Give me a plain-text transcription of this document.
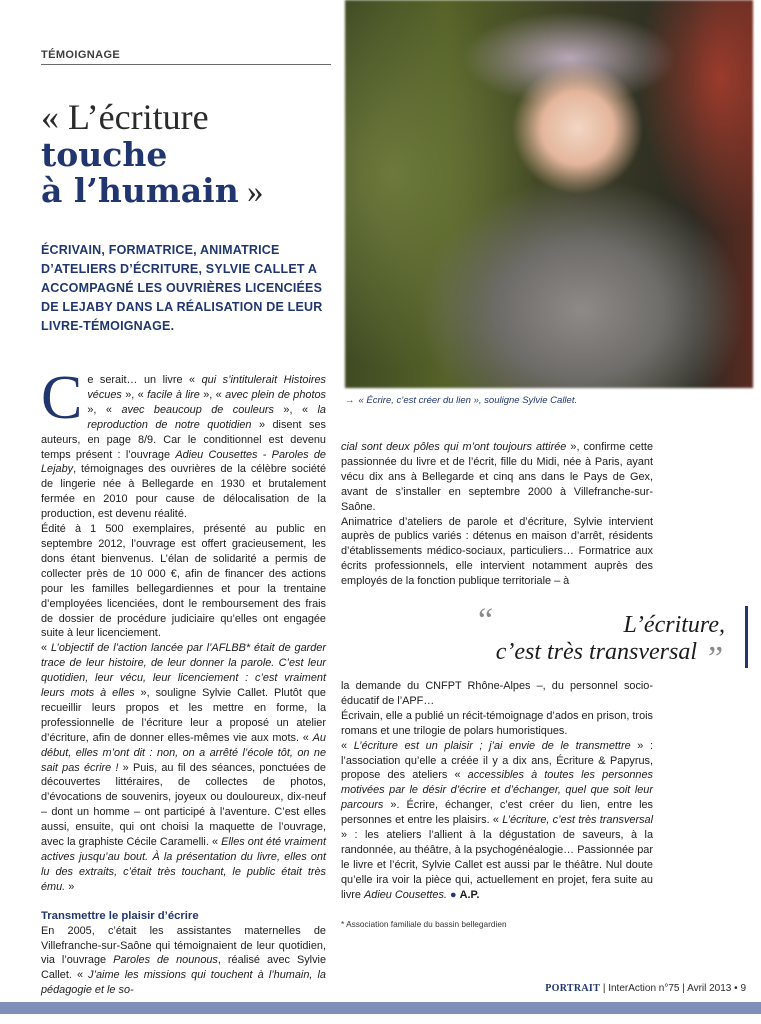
TÉMOIGNAGE
« L’écriture
touche
à l’humain »
ÉCRIVAIN, FORMATRICE, ANIMATRICE D’ATELIERS D’ÉCRITURE, SYLVIE CALLET A ACCOMPAGNÉ LES OUVRIÈRES LICENCIÉES DE LEJABY DANS LA RÉALISATION DE LEUR LIVRE-TÉMOIGNAGE.
→ « Écrire, c’est créer du lien », souligne Sylvie Callet.

Ce serait… un livre « qui s’intitulerait Histoires vécues », « facile à lire », « avec plein de photos », « avec beaucoup de couleurs », « la reproduction de notre quotidien » disent ses auteurs, en page 8/9. Car le conditionnel est devenu temps présent : l’ouvrage Adieu Cousettes - Paroles de Lejaby, témoignages des ouvrières de la célèbre société de lingerie née à Bellegarde en 1930 et brutalement fermée en 2010 pour cause de délocalisation de la production, est devenu réalité.

Édité à 1 500 exemplaires, présenté au public en septembre 2012, l’ouvrage est offert gracieusement, les dons étant bienvenus. L’élan de solidarité a permis de collecter près de 10 000 €, afin de financer des actions pour les familles bellegardiennes et pour la trentaine d’employées licenciées, dont le remboursement des frais de dossier de procédure judiciaire qu’elles ont engagée suite à leur licenciement.

« L’objectif de l’action lancée par l’AFLBB* était de garder trace de leur histoire, de leur donner la parole. C’est leur quotidien, leur vécu, leur licenciement : c’est vraiment leurs mots à elles », souligne Sylvie Callet. Plutôt que recueillir leurs propos et les mettre en forme, la professionnelle de l’écriture leur a proposé un atelier d’écriture, afin de donner elles-mêmes vie aux mots. « Au début, elles m’ont dit : non, on a arrêté l’école tôt, on ne sait pas écrire ! » Puis, au fil des séances, ponctuées de découvertes littéraires, de collectes de photos, d’évocations de souvenirs, joyeux ou douloureux, dix-neuf – dont un homme – ont participé à l’aventure. C’est elles aussi, ensuite, qui ont choisi la maquette de l’ouvrage, avec la graphiste Cécile Caramelli. « Elles ont été vraiment actives jusqu’au bout. À la présentation du livre, elles ont lu des extraits, c’était très touchant, le public était très ému. »

Transmettre le plaisir d’écrire

En 2005, c’était les assistantes maternelles de Villefranche-sur-Saône qui témoignaient de leur quotidien, via l’ouvrage Paroles de nounous, réalisé avec Sylvie Callet. « J’aime les missions qui touchent à l’humain, la pédagogie et le so-

cial sont deux pôles qui m’ont toujours attirée », confirme cette passionnée du livre et de l’écrit, fille du Midi, née à Paris, ayant vécu dix ans à Bellegarde et cinq ans dans le Pays de Gex, avant de s’installer en septembre 2000 à Villefranche-sur-Saône.

Animatrice d’ateliers de parole et d’écriture, Sylvie intervient auprès de publics variés : détenus en maison d’arrêt, résidents d’établissements médico-sociaux, particuliers… Formatrice aux écrits professionnels, elle intervient notamment auprès des employés de la fonction publique territoriale – à

“	L’écriture,
c’est très transversal ”

la demande du CNFPT Rhône-Alpes –, du personnel socio-éducatif de l’APF…

Écrivain, elle a publié un récit-témoignage d’ados en prison, trois romans et une trilogie de polars humoristiques.

« L’écriture est un plaisir ; j’ai envie de le transmettre » : l’association qu’elle a créée il y a dix ans, Écriture & Papyrus, propose des ateliers « accessibles à toutes les personnes motivées par le désir d’écrire et d’échanger, quel que soit leur parcours ». Écrire, échanger, c’est créer du lien, entre les personnes et entre les plaisirs. « L’écriture, c’est très transversal » : les ateliers l’allient à la dégustation de saveurs, à la randonnée, au théâtre, à la psychogénéalogie… Passionnée par le livre et l’écrit, Sylvie Callet est aussi par le théâtre. Nul doute qu’elle ira voir la pièce qui, actuellement en projet, fera suite au livre Adieu Cousettes. ● A.P.

* Association familiale du bassin bellegardien
PORTRAIT | InterAction n°75 | Avril 2013 • 9
